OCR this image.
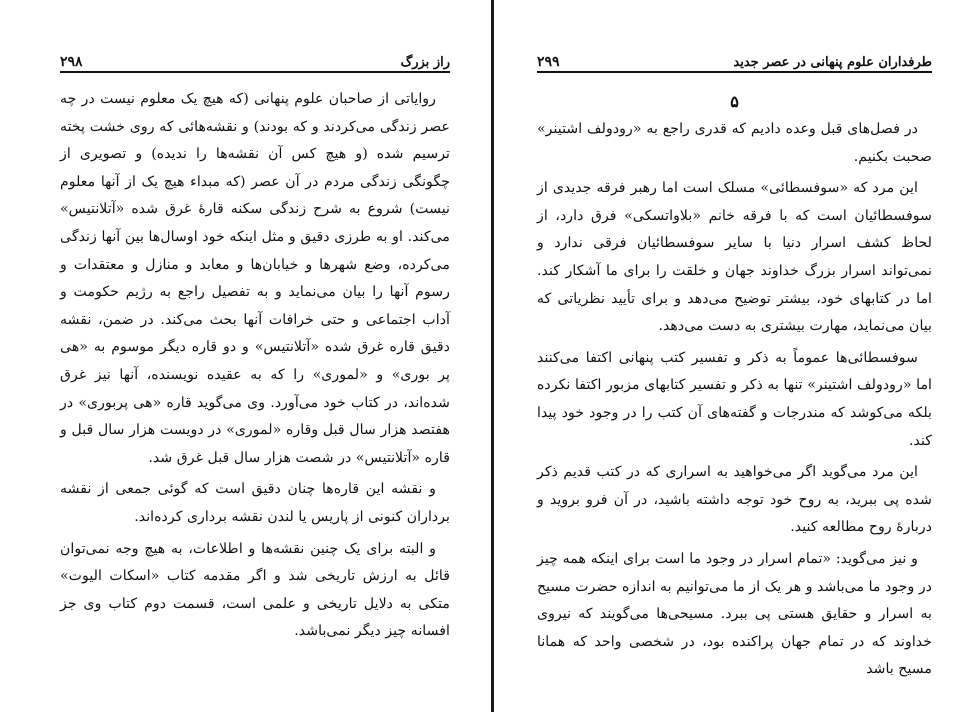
۲۹۸	راز بزرگ

روایاتی از صاحبان علوم پنهانی (که هیچ یک معلوم نیست در چه عصر زندگی می‌کردند و که بودند) و نقشه‌هائی که روی خشت پخته ترسیم شده (و هیچ کس آن نقشه‌ها را ندیده) و تصویری از چگونگی زندگی مردم در آن عصر (که مبداء هیچ یک از آنها معلوم نیست) شروع به شرح زندگی سکنه قارهٔ غرق شده «آتلانتیس» می‌کند. او به طرزی دقیق و مثل اینکه خود اوسال‌ها بین آنها زندگی می‌کرده، وضع شهرها و خیابان‌ها و معابد و منازل و معتقدات و رسوم آنها را بیان می‌نماید و به تفصیل راجع به رژیم حکومت و آداب اجتماعی و حتی خرافات آنها بحث می‌کند. در ضمن، نقشه دقیق قاره غرق شده «آتلانتیس» و دو قاره دیگر موسوم به «هی پر بوری» و «لموری» را که به عقیده نویسنده، آنها نیز غرق شده‌اند، در کتاب خود می‌آورد. وی می‌گوید قاره «هی پربوری» در هفتصد هزار سال قبل وقاره «لموری» در دویست هزار سال قبل و قاره «آتلانتیس» در شصت هزار سال قبل غرق شد.

و نقشه این قاره‌ها چنان دقیق است که گوئی جمعی از نقشه برداران کنونی از پاریس یا لندن نقشه برداری کرده‌اند.

و البته برای یک چنین نقشه‌ها و اطلاعات، به هیچ وجه نمی‌توان قائل به ارزش تاریخی شد و اگر مقدمه کتاب «اسکات الیوت» متکی به دلایل تاریخی و علمی است، قسمت دوم کتاب وی جز افسانه چیز دیگر نمی‌باشد.

۲۹۹	طرفداران علوم پنهانی در عصر جدید
۵

در فصل‌های قبل وعده دادیم که قدری راجع به «رودولف اشتینر» صحبت بکنیم.

این مرد که «سوفسطائی» مسلک است اما رهبر فرقه جدیدی از سوفسطائیان است که با فرقه خانم «بلاواتسکی» فرق دارد، از لحاظ کشف اسرار دنیا با سایر سوفسطائیان فرقی ندارد و نمی‌تواند اسرار بزرگ خداوند جهان و خلقت را برای ما آشکار کند. اما در کتابهای خود، بیشتر توضیح می‌دهد و برای تأیید نظریاتی که بیان می‌نماید، مهارت بیشتری به دست می‌دهد.

سوفسطائی‌ها عموماً به ذکر و تفسیر کتب پنهانی اکتفا می‌کنند اما «رودولف اشتینر» تنها به ذکر و تفسیر کتابهای مزبور اکتفا نکرده بلکه می‌کوشد که مندرجات و گفته‌های آن کتب را در وجود خود پیدا کند.

این مرد می‌گوید اگر می‌خواهید به اسراری که در کتب قدیم ذکر شده پی ببرید، به روح خود توجه داشته باشید، در آن فرو بروید و دربارهٔ روح مطالعه کنید.

و نیز می‌گوید: «تمام اسرار در وجود ما است برای اینکه همه چیز در وجود ما می‌باشد و هر یک از ما می‌توانیم به اندازه حضرت مسیح به اسرار و حقایق هستی پی ببرد. مسیحی‌ها می‌گویند که نیروی خداوند که در تمام جهان پراکنده بود، در شخصی واحد که همانا مسیح باشد
